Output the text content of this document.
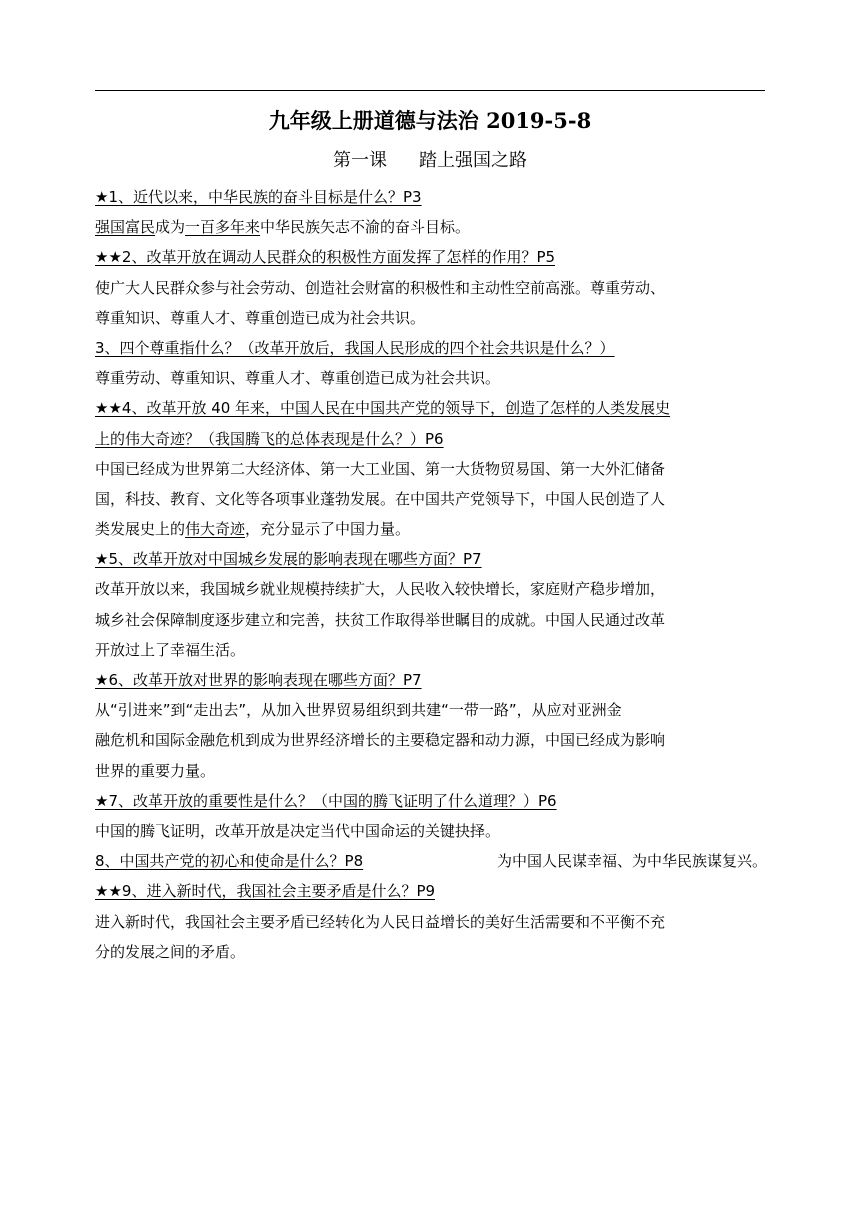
九年级上册道德与法治 2019-5-8
第一课 踏上强国之路
★1、近代以来，中华民族的奋斗目标是什么？P3
强国富民成为一百多年来中华民族矢志不渝的奋斗目标。
★★2、改革开放在调动人民群众的积极性方面发挥了怎样的作用？P5
使广大人民群众参与社会劳动、创造社会财富的积极性和主动性空前高涨。尊重劳动、
尊重知识、尊重人才、尊重创造已成为社会共识。
3、四个尊重指什么？（改革开放后，我国人民形成的四个社会共识是什么？）
尊重劳动、尊重知识、尊重人才、尊重创造已成为社会共识。
★★4、改革开放 40 年来，中国人民在中国共产党的领导下，创造了怎样的人类发展史
上的伟大奇迹？（我国腾飞的总体表现是什么？）P6
中国已经成为世界第二大经济体、第一大工业国、第一大货物贸易国、第一大外汇储备
国，科技、教育、文化等各项事业蓬勃发展。在中国共产党领导下，中国人民创造了人
类发展史上的伟大奇迹，充分显示了中国力量。
★5、改革开放对中国城乡发展的影响表现在哪些方面？P7
改革开放以来，我国城乡就业规模持续扩大，人民收入较快增长，家庭财产稳步增加，
城乡社会保障制度逐步建立和完善，扶贫工作取得举世瞩目的成就。中国人民通过改革
开放过上了幸福生活。
★6、改革开放对世界的影响表现在哪些方面？P7
从“引进来”到“走出去”，从加入世界贸易组织到共建“一带一路”，从应对亚洲金
融危机和国际金融危机到成为世界经济增长的主要稳定器和动力源，中国已经成为影响
世界的重要力量。
★7、改革开放的重要性是什么？（中国的腾飞证明了什么道理？）P6
中国的腾飞证明，改革开放是决定当代中国命运的关键抉择。
8、中国共产党的初心和使命是什么？P8	为中国人民谋幸福、为中华民族谋复兴。
★★9、进入新时代，我国社会主要矛盾是什么？P9
进入新时代，我国社会主要矛盾已经转化为人民日益增长的美好生活需要和不平衡不充
分的发展之间的矛盾。
